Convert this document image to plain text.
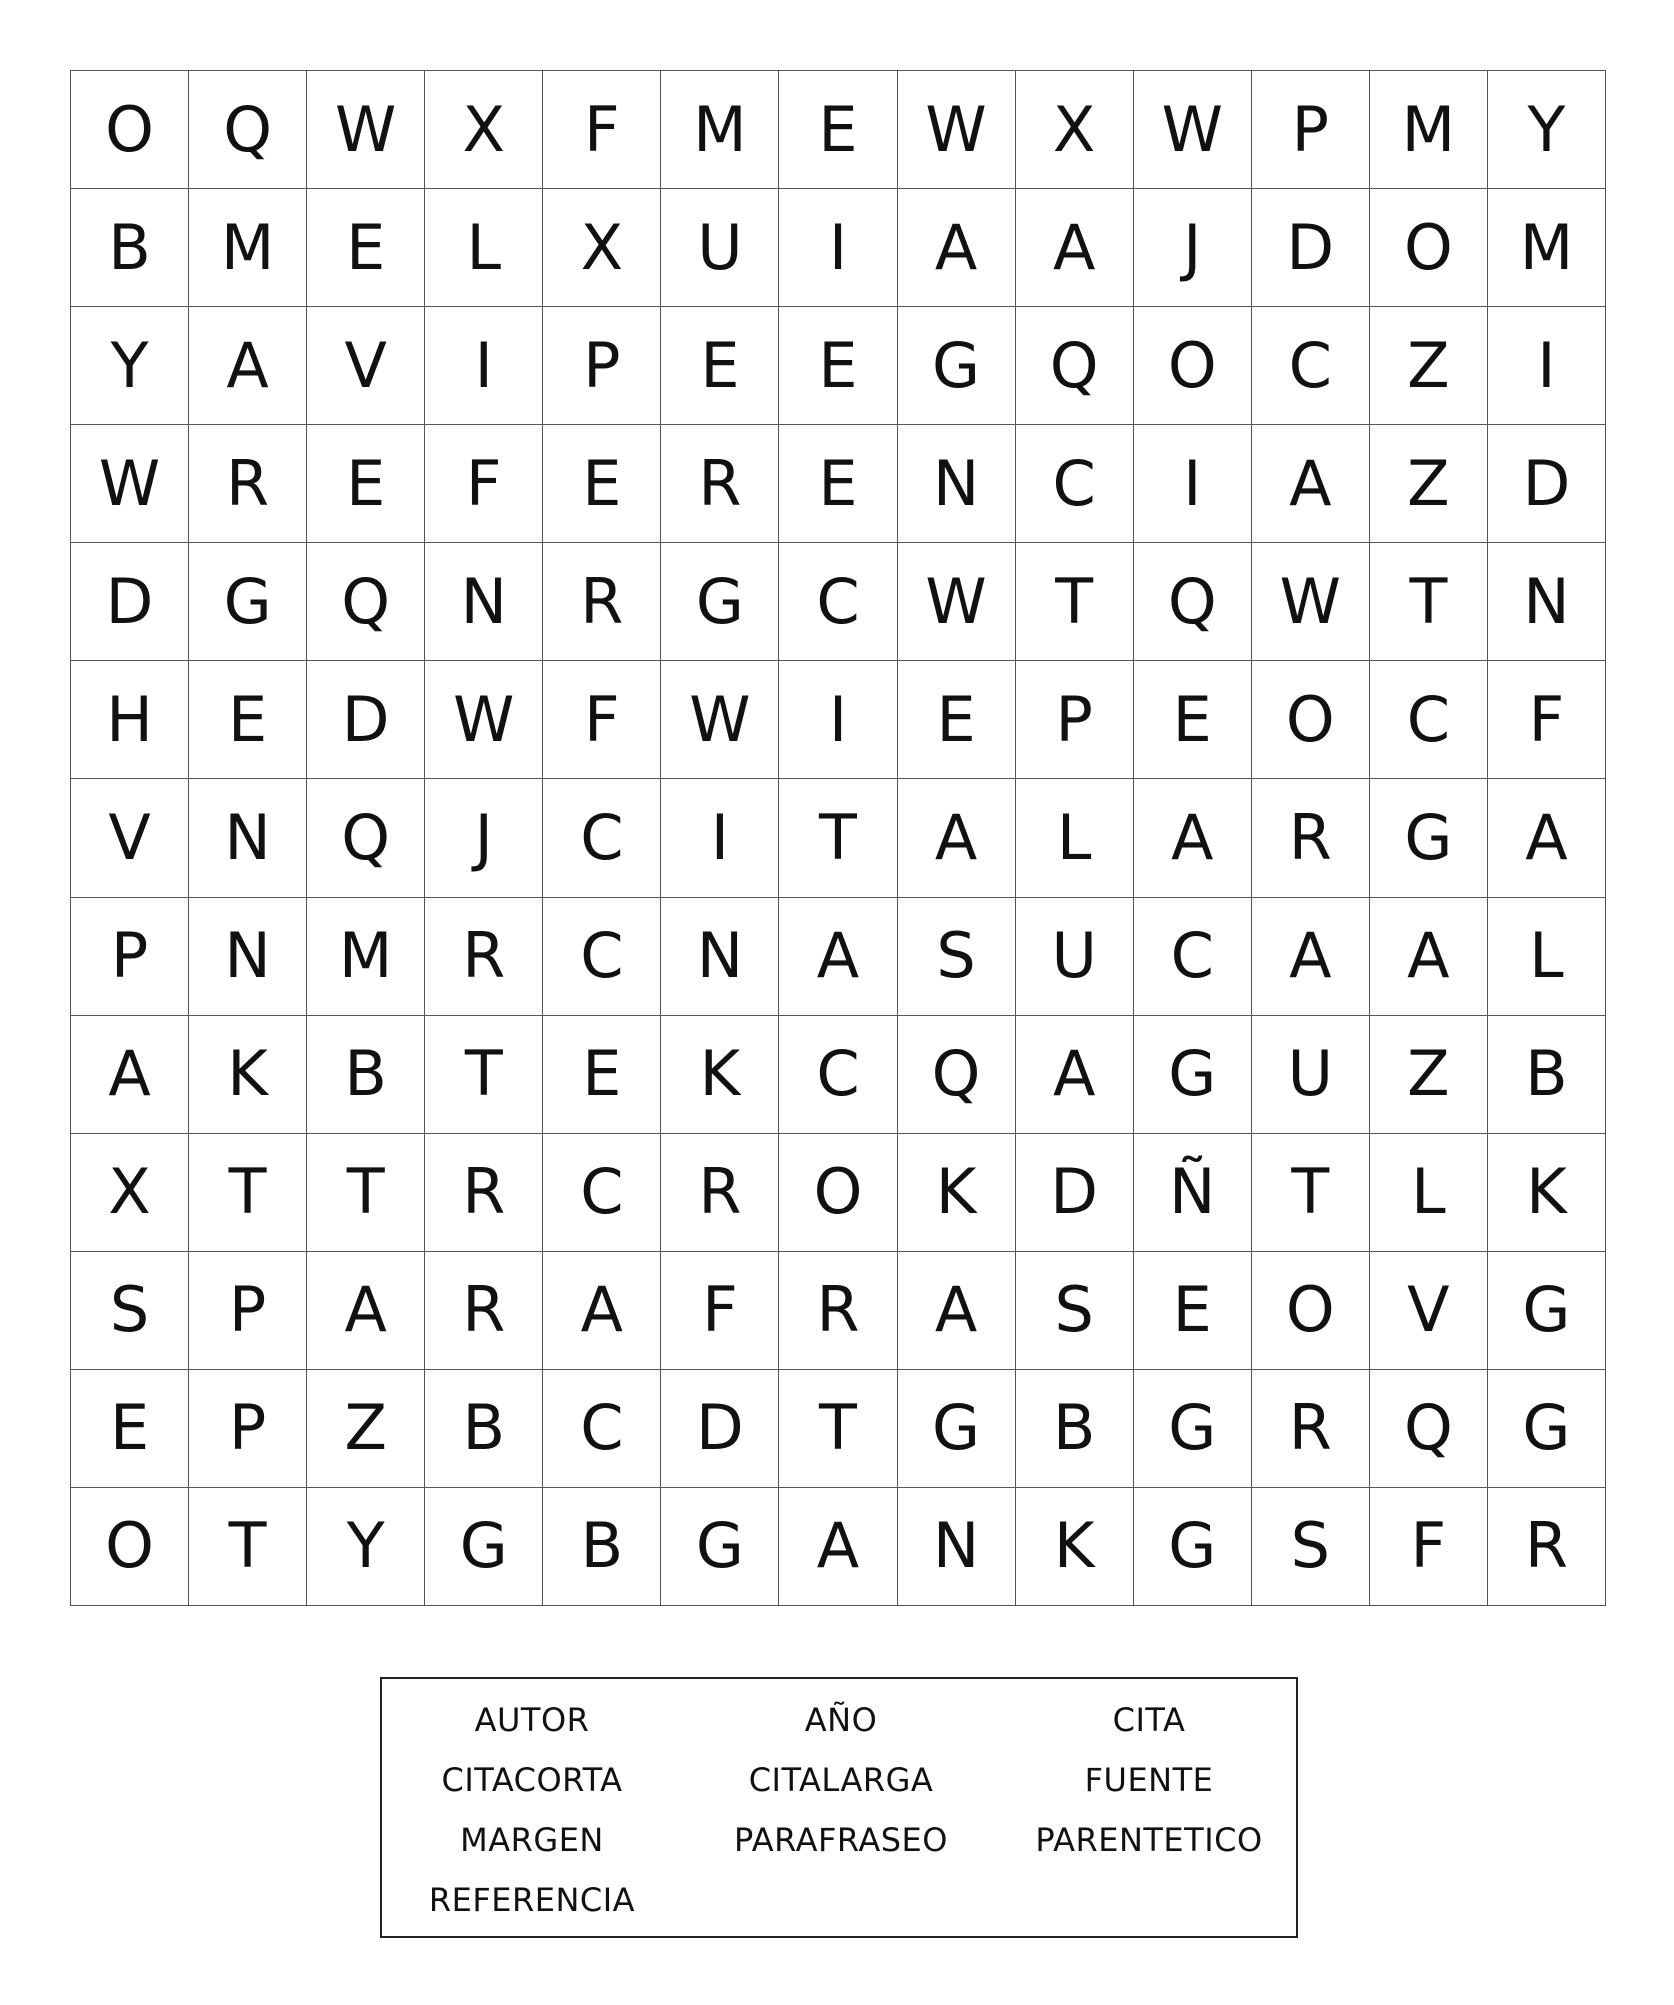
O	Q	W	X	F	M	E	W	X	W	P	M	Y
B	M	E	L	X	U	I	A	A	J	D	O	M
Y	A	V	I	P	E	E	G	Q	O	C	Z	I
W	R	E	F	E	R	E	N	C	I	A	Z	D
D	G	Q	N	R	G	C	W	T	Q	W	T	N
H	E	D	W	F	W	I	E	P	E	O	C	F
V	N	Q	J	C	I	T	A	L	A	R	G	A
P	N	M	R	C	N	A	S	U	C	A	A	L
A	K	B	T	E	K	C	Q	A	G	U	Z	B
X	T	T	R	C	R	O	K	D	Ñ	T	L	K
S	P	A	R	A	F	R	A	S	E	O	V	G
E	P	Z	B	C	D	T	G	B	G	R	Q	G
O	T	Y	G	B	G	A	N	K	G	S	F	R
AUTOR	AÑO	CITA
CITACORTA	CITALARGA	FUENTE
MARGEN	PARAFRASEO	PARENTETICO
REFERENCIA
